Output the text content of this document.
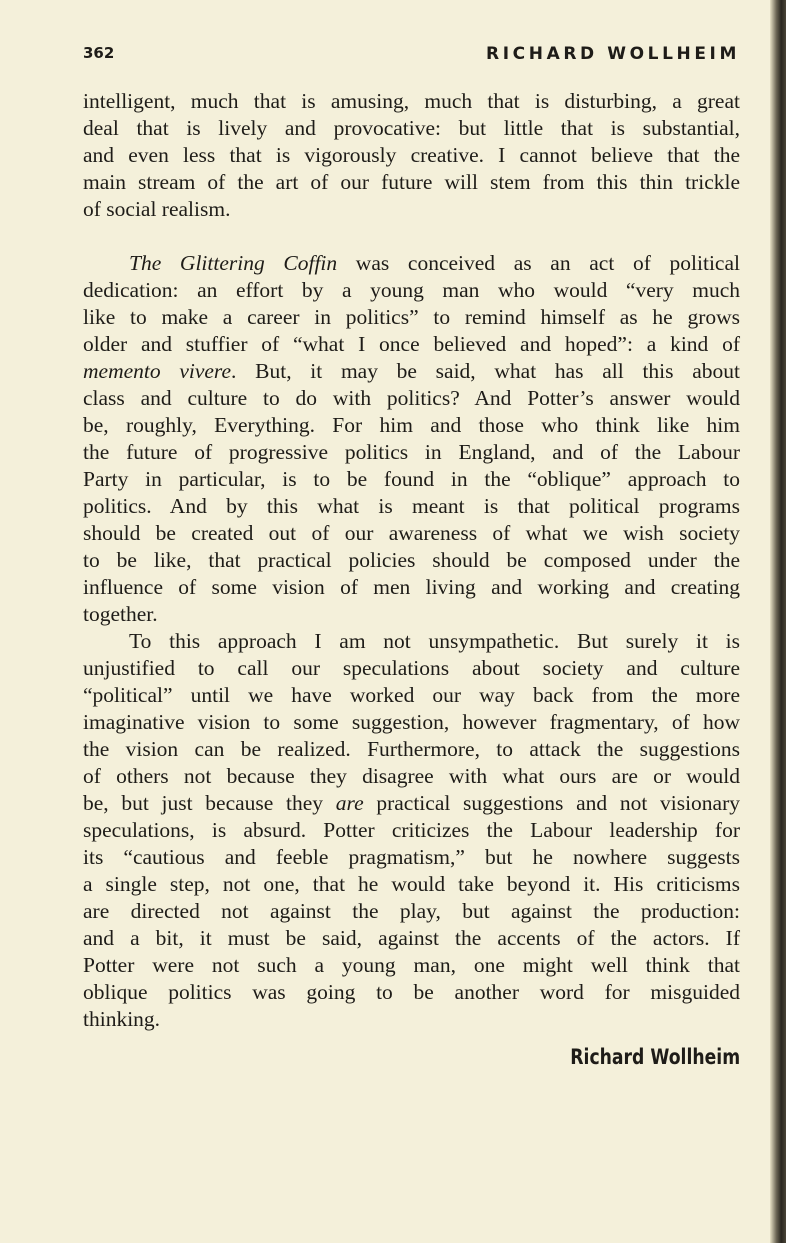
362	RICHARD WOLLHEIM
intelligent, much that is amusing, much that is disturbing, a great
deal that is lively and provocative: but little that is substantial,
and even less that is vigorously creative. I cannot believe that the
main stream of the art of our future will stem from this thin trickle
of social realism.
The Glittering Coffin was conceived as an act of political
dedication: an effort by a young man who would “very much
like to make a career in politics” to remind himself as he grows
older and stuffier of “what I once believed and hoped”: a kind of
memento vivere. But, it may be said, what has all this about
class and culture to do with politics? And Potter’s answer would
be, roughly, Everything. For him and those who think like him
the future of progressive politics in England, and of the Labour
Party in particular, is to be found in the “oblique” approach to
politics. And by this what is meant is that political programs
should be created out of our awareness of what we wish society
to be like, that practical policies should be composed under the
influence of some vision of men living and working and creating
together.
To this approach I am not unsympathetic. But surely it is
unjustified to call our speculations about society and culture
“political” until we have worked our way back from the more
imaginative vision to some suggestion, however fragmentary, of how
the vision can be realized. Furthermore, to attack the suggestions
of others not because they disagree with what ours are or would
be, but just because they are practical suggestions and not visionary
speculations, is absurd. Potter criticizes the Labour leadership for
its “cautious and feeble pragmatism,” but he nowhere suggests
a single step, not one, that he would take beyond it. His criticisms
are directed not against the play, but against the production:
and a bit, it must be said, against the accents of the actors. If
Potter were not such a young man, one might well think that
oblique politics was going to be another word for misguided
thinking.
Richard Wollheim
